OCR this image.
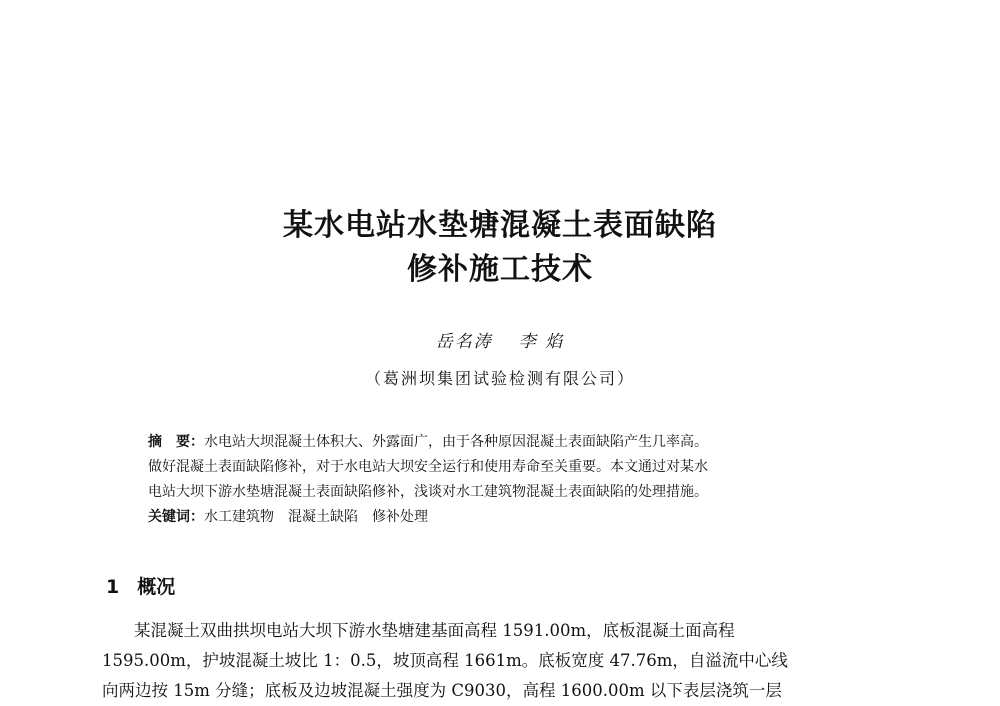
某水电站水垫塘混凝土表面缺陷
修补施工技术
岳名涛 李 焰
（葛洲坝集团试验检测有限公司）
摘　要：水电站大坝混凝土体积大、外露面广，由于各种原因混凝土表面缺陷产生几率高。
做好混凝土表面缺陷修补，对于水电站大坝安全运行和使用寿命至关重要。本文通过对某水
电站大坝下游水垫塘混凝土表面缺陷修补，浅谈对水工建筑物混凝土表面缺陷的处理措施。
关键词：水工建筑物　混凝土缺陷　修补处理
1 概况
某混凝土双曲拱坝电站大坝下游水垫塘建基面高程 1591.00m，底板混凝土面高程
1595.00m，护坡混凝土坡比 1：0.5，坡顶高程 1661m。底板宽度 47.76m，自溢流中心线
向两边按 15m 分缝；底板及边坡混凝土强度为 C9030，高程 1600.00m 以下表层浇筑一层
